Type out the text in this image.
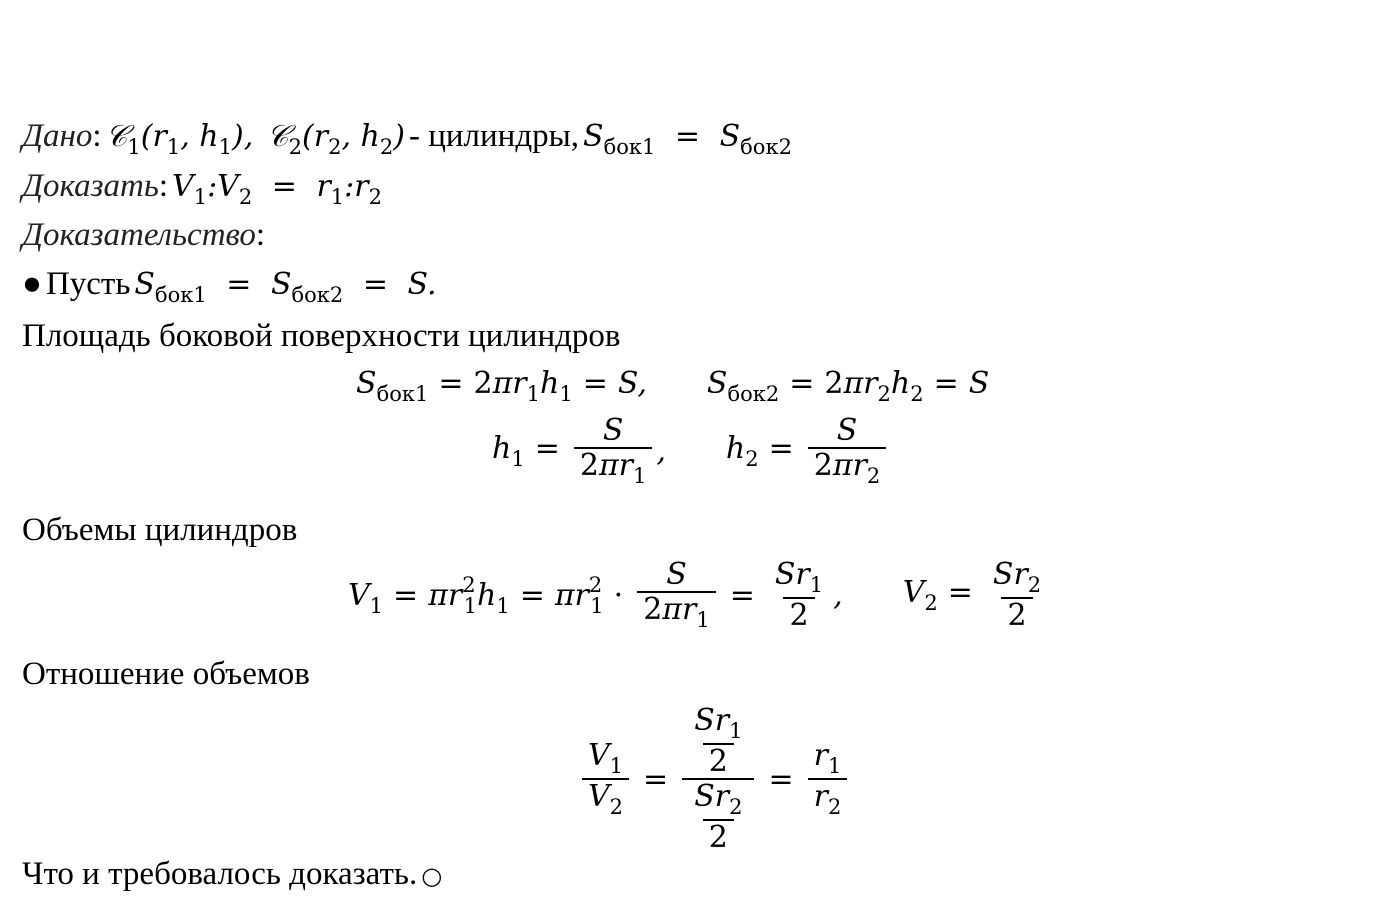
Дано: $𝒞_1(r_1$, $h_1$),  $𝒞_2(r_2$, $h_2$) - цилиндры, $S_{бок1} = S_{бок2}$
Доказать: $V_1:V_2$ = $r_1:r_2$
Доказательство:
● Пусть $S_{бок1} = S_{бок2} = S$.
Площадь боковой поверхности цилиндров
$S_{бок1} = 2\pi r_1h_1 = S$, $S_{бок2} = 2\pi r_2h_2 = S$
$h_1 = \frac{S}{2\pi r_1}$ , $h_2 = \frac{S}{2\pi r_2}$
Объемы цилиндров
$V_1 = \pi r^2_1h_1 = \pi r^2_1 \cdot \frac{S}{2\pi r_1} = \frac{Sr_1}{2}$ , $V_2 = \frac{Sr_2}{2}$
Отношение объемов
$\frac{V_1}{V_2} = \frac{\frac{Sr_1}{2}}{\frac{Sr_2}{2}} = \frac{r_1}{r_2}$
Что и требовалось доказать. ○
